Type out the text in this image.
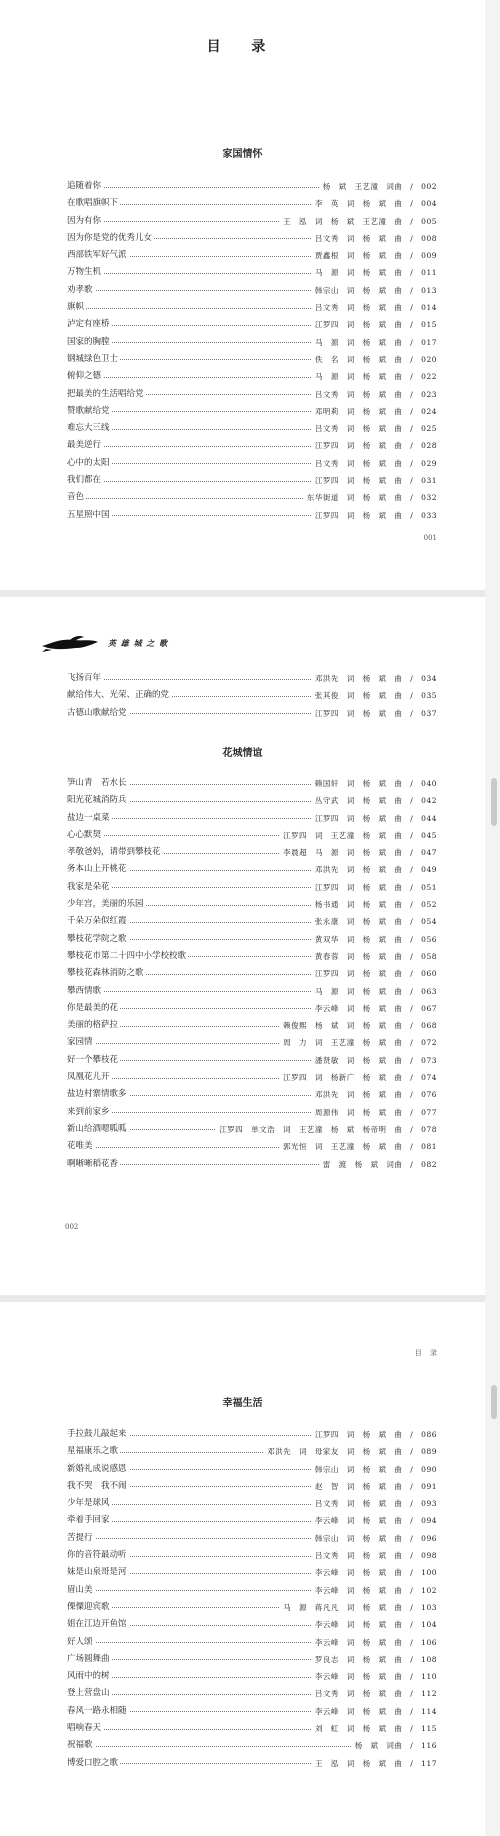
目 录
家国情怀
追随着你	杨 斌 王艺潼 词曲 / 002
在歌唱旗帜下	李 英 词 杨 斌 曲 / 004
因为有你	王 泓 词 杨 斌 王艺潼 曲 / 005
因为你是党的优秀儿女	吕文秀 词 杨 斌 曲 / 008
西部铁军好气派	贾鑫根 词 杨 斌 曲 / 009
万物生机	马 源 词 杨 斌 曲 / 011
劝孝歌	韩宗山 词 杨 斌 曲 / 013
旗帜	吕文秀 词 杨 斌 曲 / 014
泸定有座桥	江罗四 词 杨 斌 曲 / 015
国家的胸膛	马 源 词 杨 斌 曲 / 017
钢城绿色卫士	佚 名 词 杨 斌 曲 / 020
俯仰之德	马 源 词 杨 斌 曲 / 022
把最美的生活唱给党	吕文秀 词 杨 斌 曲 / 023
赞歌献给党	邓明莉 词 杨 斌 曲 / 024
难忘大三线	吕文秀 词 杨 斌 曲 / 025
最美逆行	江罗四 词 杨 斌 曲 / 028
心中的太阳	吕文秀 词 杨 斌 曲 / 029
我们都在	江罗四 词 杨 斌 曲 / 031
音色	东华街道 词 杨 斌 曲 / 032
五星照中国	江罗四 词 杨 斌 曲 / 033
001
英 雄 城 之 歌
飞扬百年	邓洪先 词 杨 斌 曲 / 034
献给伟大、光荣、正确的党	张其俊 词 杨 斌 曲 / 035
古德山歌献给党	江罗四 词 杨 斌 曲 / 037
花城情谊
笋山青　若水长	赖国轩 词 杨 斌 曲 / 040
阳光花城消防兵	丛守武 词 杨 斌 曲 / 042
盐边一桌菜	江罗四 词 杨 斌 曲 / 044
心心默契	江罗四 词 王艺潼 杨 斌 曲 / 045
孝敬爸妈，请带到攀枝花	李晨超 马 源 词 杨 斌 曲 / 047
务本山上开桃花	邓洪先 词 杨 斌 曲 / 049
我家是朵花	江罗四 词 杨 斌 曲 / 051
少年宫，美丽的乐园	杨书通 词 杨 斌 曲 / 052
千朵万朵似红霞	张永康 词 杨 斌 曲 / 054
攀枝花学院之歌	黄双华 词 杨 斌 曲 / 056
攀枝花市第二十四中小学校校歌	黄春蓉 词 杨 斌 曲 / 058
攀枝花森林消防之歌	江罗四 词 杨 斌 曲 / 060
攀西情歌	马 源 词 杨 斌 曲 / 063
你是最美的花	李云峰 词 杨 斌 曲 / 067
美丽的格萨拉	赖俊熙 杨 斌 词 杨 斌 曲 / 068
家园情	周 力 词 王艺潼 杨 斌 曲 / 072
好一个攀枝花	潘贤敏 词 杨 斌 曲 / 073
凤凰花儿开	江罗四 词 杨新广 杨 斌 曲 / 074
盐边村寨情歌多	邓洪先 词 杨 斌 曲 / 076
来到前家乡	周源伟 词 杨 斌 曲 / 077
新山给酒嗯呱呱	江罗四 单文浩 词 王艺潼 杨 斌 杨帝明 曲 / 078
花唯美	郭光恒 词 王艺潼 杨 斌 曲 / 081
啊晰晰稻花香	雷 渡 杨 斌 词曲 / 082
002
目 录
幸福生活
手拉鼓儿敲起来	江罗四 词 杨 斌 曲 / 086
星福康乐之歌	邓洪先 词 母家友 词 杨 斌 曲 / 089
新婚礼成说感恩	韩宗山 词 杨 斌 曲 / 090
我不哭　我不闹	赵 智 词 杨 斌 曲 / 091
少年是球风	吕文秀 词 杨 斌 曲 / 093
牵着手回家	李云峰 词 杨 斌 曲 / 094
苦提行	韩宗山 词 杨 斌 曲 / 096
你的音符最动听	吕文秀 词 杨 斌 曲 / 098
妹是山泉哥是河	李云峰 词 杨 斌 曲 / 100
眉山美	李云峰 词 杨 斌 曲 / 102
傈僳迎宾歌	马 源 蒋凡凡 词 杨 斌 曲 / 103
姐在江边开鱼馆	李云峰 词 杨 斌 曲 / 104
好人颂	李云峰 词 杨 斌 曲 / 106
广场圆舞曲	罗良志 词 杨 斌 曲 / 108
风雨中的树	李云峰 词 杨 斌 曲 / 110
登上营盘山	吕文秀 词 杨 斌 曲 / 112
春风一路永相随	李云峰 词 杨 斌 曲 / 114
唱响春天	刘 虹 词 杨 斌 曲 / 115
祝福歌	杨 斌 词曲 / 116
博爱口腔之歌	王 泓 词 杨 斌 曲 / 117
